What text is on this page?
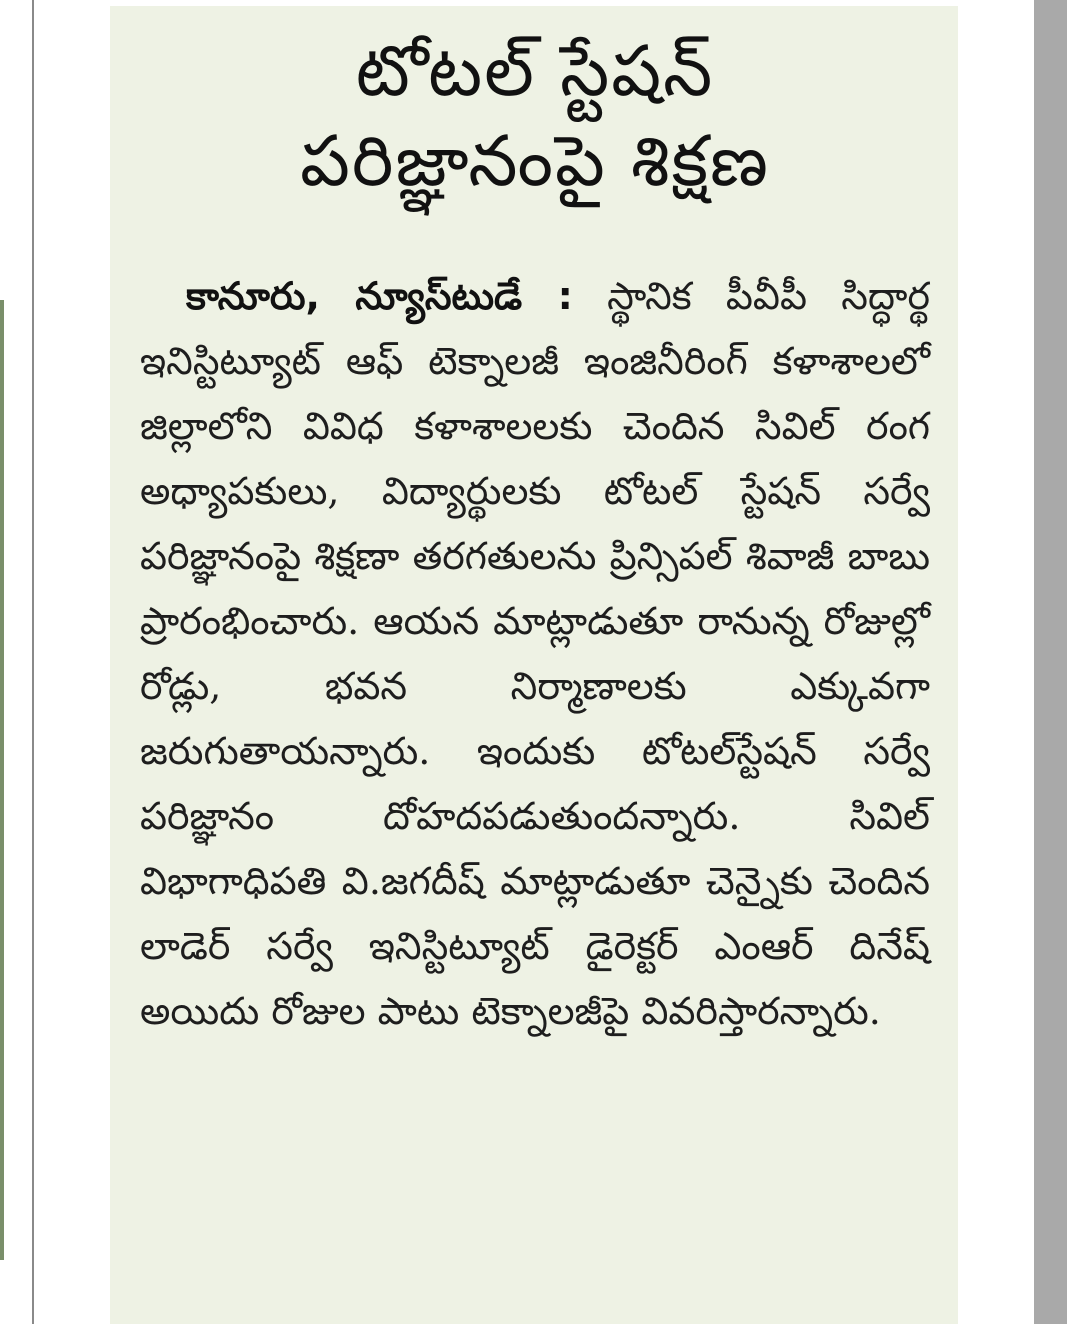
టోటల్ స్టేషన్
పరిజ్ఞానంపై శిక్షణ

కానూరు, న్యూస్‌టుడే : స్థానిక పీవీపీ సిద్ధార్థ ఇనిస్టిట్యూట్ ఆఫ్ టెక్నాలజీ ఇంజినీరింగ్ కళాశాలలో జిల్లాలోని వివిధ కళాశాలలకు చెందిన సివిల్ రంగ అధ్యాపకులు, విద్యార్థులకు టోటల్ స్టేషన్ సర్వే పరిజ్ఞానంపై శిక్షణా తరగతులను ప్రిన్సిపల్ శివాజీ బాబు ప్రారంభించారు. ఆయన మాట్లాడుతూ రానున్న రోజుల్లో రోడ్లు, భవన నిర్మాణాలకు ఎక్కువగా జరుగుతాయన్నారు. ఇందుకు టోటల్‌స్టేషన్ సర్వే పరిజ్ఞానం దోహదపడుతుందన్నారు. సివిల్ విభాగాధిపతి వి.జగదీష్ మాట్లాడుతూ చెన్నైకు చెందిన లాడెర్ సర్వే ఇనిస్టిట్యూట్ డైరెక్టర్ ఎంఆర్ దినేష్ అయిదు రోజుల పాటు టెక్నాలజీపై వివరిస్తారన్నారు.
